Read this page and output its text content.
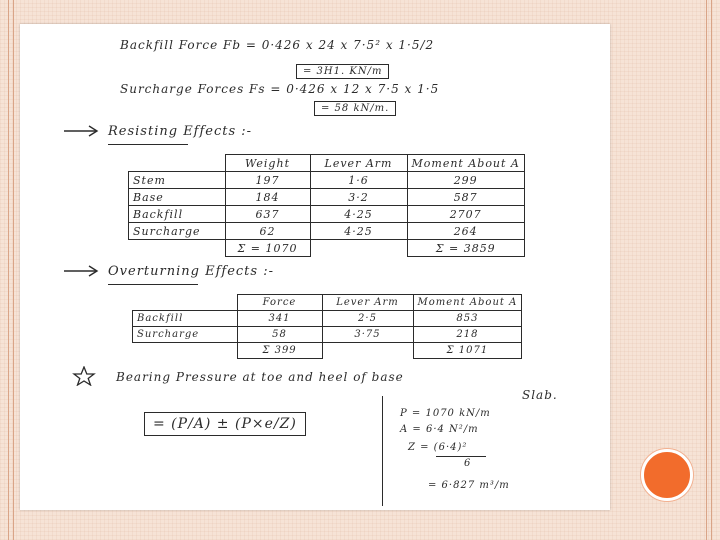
Backfill Force Fb = 0·426 x 24 x 7·5² x 1·5/2
= 3H1. KN/m
Surcharge Forces Fs = 0·426 x 12 x 7·5 x 1·5
= 58 kN/m.
Resisting Effects :-
	Weight	Lever Arm	Moment About A
Stem	197	1·6	299
Base	184	3·2	587
Backfill	637	4·25	2707
Surcharge	62	4·25	264
	Σ = 1070		Σ = 3859
Overturning Effects :-
	Force	Lever Arm	Moment About A
Backfill	341	2·5	853
Surcharge	58	3·75	218
	Σ 399		Σ 1071
Bearing Pressure at toe and heel of base
Slab.
= (P/A) ± (P×e/Z)
P = 1070 kN/m
A = 6·4 N²/m
Z = (6·4)²
6
= 6·827 m³/m
